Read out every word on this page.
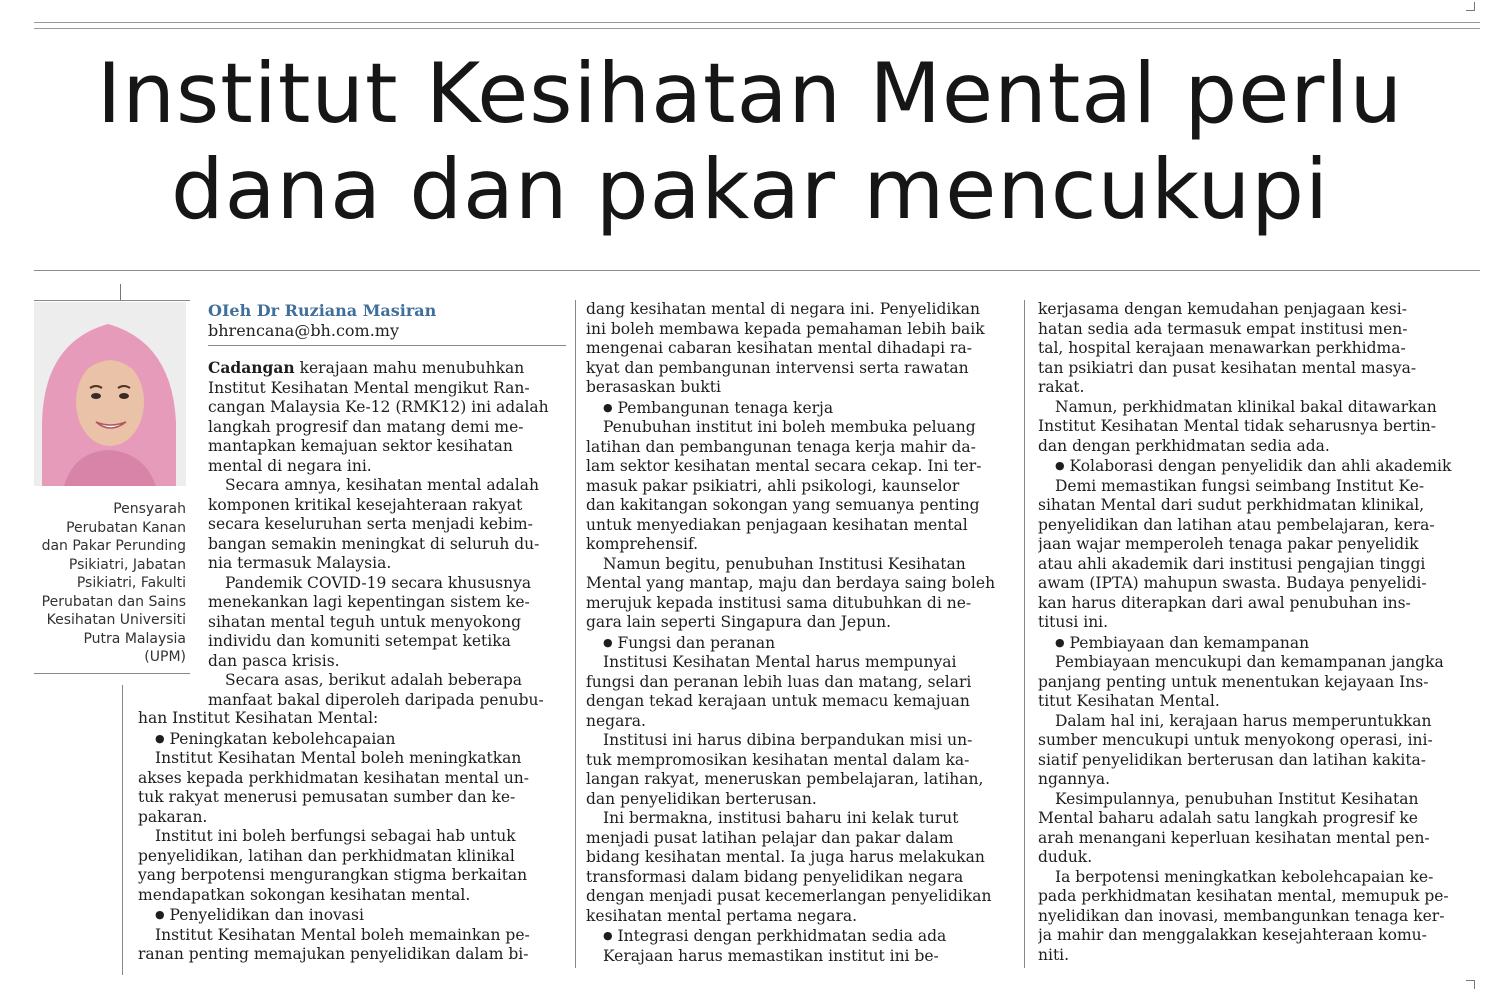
Institut Kesihatan Mental perlu
dana dan pakar mencukupi
Pensyarah
Perubatan Kanan
dan Pakar Perunding
Psikiatri, Jabatan
Psikiatri, Fakulti
Perubatan dan Sains
Kesihatan Universiti
Putra Malaysia
(UPM)
OIeh Dr Ruziana Masiran
bhrencana@bh.com.my
Cadangan kerajaan mahu menubuhkan
Institut Kesihatan Mental mengikut Ran-
cangan Malaysia Ke-12 (RMK12) ini adalah
langkah progresif dan matang demi me-
mantapkan kemajuan sektor kesihatan
mental di negara ini.
Secara amnya, kesihatan mental adalah
komponen kritikal kesejahteraan rakyat
secara keseluruhan serta menjadi kebim-
bangan semakin meningkat di seluruh du-
nia termasuk Malaysia.
Pandemik COVID-19 secara khususnya
menekankan lagi kepentingan sistem ke-
sihatan mental teguh untuk menyokong
individu dan komuniti setempat ketika
dan pasca krisis.
Secara asas, berikut adalah beberapa
manfaat bakal diperoleh daripada penubu-
han Institut Kesihatan Mental:
● Peningkatan kebolehcapaian
Institut Kesihatan Mental boleh meningkatkan
akses kepada perkhidmatan kesihatan mental un-
tuk rakyat menerusi pemusatan sumber dan ke-
pakaran.
Institut ini boleh berfungsi sebagai hab untuk
penyelidikan, latihan dan perkhidmatan klinikal
yang berpotensi mengurangkan stigma berkaitan
mendapatkan sokongan kesihatan mental.
● Penyelidikan dan inovasi
Institut Kesihatan Mental boleh memainkan pe-
ranan penting memajukan penyelidikan dalam bi-
dang kesihatan mental di negara ini. Penyelidikan
ini boleh membawa kepada pemahaman lebih baik
mengenai cabaran kesihatan mental dihadapi ra-
kyat dan pembangunan intervensi serta rawatan
berasaskan bukti
● Pembangunan tenaga kerja
Penubuhan institut ini boleh membuka peluang
latihan dan pembangunan tenaga kerja mahir da-
lam sektor kesihatan mental secara cekap. Ini ter-
masuk pakar psikiatri, ahli psikologi, kaunselor
dan kakitangan sokongan yang semuanya penting
untuk menyediakan penjagaan kesihatan mental
komprehensif.
Namun begitu, penubuhan Institusi Kesihatan
Mental yang mantap, maju dan berdaya saing boleh
merujuk kepada institusi sama ditubuhkan di ne-
gara lain seperti Singapura dan Jepun.
● Fungsi dan peranan
Institusi Kesihatan Mental harus mempunyai
fungsi dan peranan lebih luas dan matang, selari
dengan tekad kerajaan untuk memacu kemajuan
negara.
Institusi ini harus dibina berpandukan misi un-
tuk mempromosikan kesihatan mental dalam ka-
langan rakyat, meneruskan pembelajaran, latihan,
dan penyelidikan berterusan.
Ini bermakna, institusi baharu ini kelak turut
menjadi pusat latihan pelajar dan pakar dalam
bidang kesihatan mental. Ia juga harus melakukan
transformasi dalam bidang penyelidikan negara
dengan menjadi pusat kecemerlangan penyelidikan
kesihatan mental pertama negara.
● Integrasi dengan perkhidmatan sedia ada
Kerajaan harus memastikan institut ini be-
kerjasama dengan kemudahan penjagaan kesi-
hatan sedia ada termasuk empat institusi men-
tal, hospital kerajaan menawarkan perkhidma-
tan psikiatri dan pusat kesihatan mental masya-
rakat.
Namun, perkhidmatan klinikal bakal ditawarkan
Institut Kesihatan Mental tidak seharusnya bertin-
dan dengan perkhidmatan sedia ada.
● Kolaborasi dengan penyelidik dan ahli akademik
Demi memastikan fungsi seimbang Institut Ke-
sihatan Mental dari sudut perkhidmatan klinikal,
penyelidikan dan latihan atau pembelajaran, kera-
jaan wajar memperoleh tenaga pakar penyelidik
atau ahli akademik dari institusi pengajian tinggi
awam (IPTA) mahupun swasta. Budaya penyelidi-
kan harus diterapkan dari awal penubuhan ins-
titusi ini.
● Pembiayaan dan kemampanan
Pembiayaan mencukupi dan kemampanan jangka
panjang penting untuk menentukan kejayaan Ins-
titut Kesihatan Mental.
Dalam hal ini, kerajaan harus memperuntukkan
sumber mencukupi untuk menyokong operasi, ini-
siatif penyelidikan berterusan dan latihan kakita-
ngannya.
Kesimpulannya, penubuhan Institut Kesihatan
Mental baharu adalah satu langkah progresif ke
arah menangani keperluan kesihatan mental pen-
duduk.
Ia berpotensi meningkatkan kebolehcapaian ke-
pada perkhidmatan kesihatan mental, memupuk pe-
nyelidikan dan inovasi, membangunkan tenaga ker-
ja mahir dan menggalakkan kesejahteraan komu-
niti.
